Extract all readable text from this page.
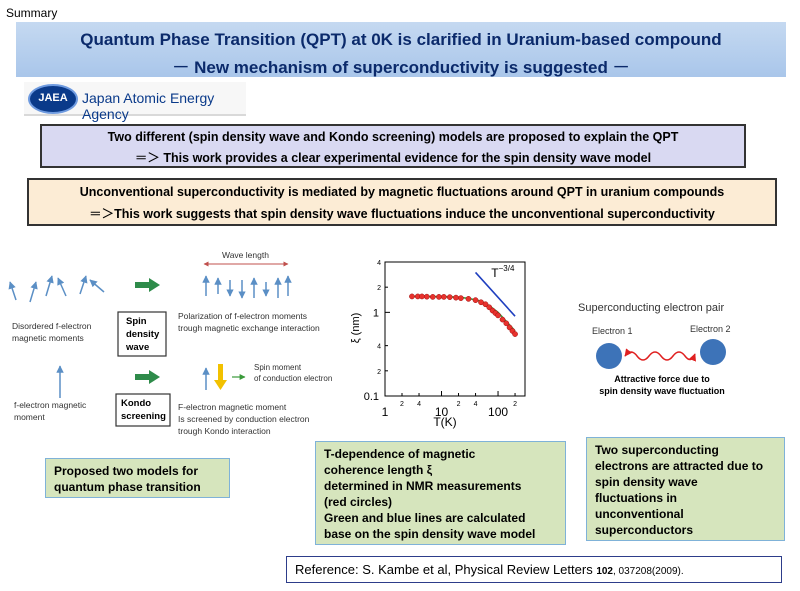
Summary
Quantum Phase Transition (QPT) at 0K is clarified in Uranium-based compound
－ New mechanism of superconductivity is suggested －
JAEA	Japan Atomic Energy Agency
Two different (spin density wave and Kondo screening) models are proposed to explain the QPT
＝＞ This work provides a clear experimental evidence for the spin density wave model
Unconventional superconductivity is mediated by magnetic fluctuations around QPT in uranium compounds
＝＞This work suggests that spin density wave fluctuations induce the unconventional superconductivity
Disordered f-electron
magnetic moments
f-electron magnetic
moment
Spin
density
wave
Kondo
screening
Wave length
Polarization of f-electron moments
trough magnetic exchange interaction
Spin moment
of conduction electron
F-electron magnetic moment
Is screened by conduction electron
trough Kondo interaction
1	10	100
2 4	2 4	2
0.1
1
2
4
2
4
$T^{-3/4}$
T(K)
ξ (nm)
Superconducting electron pair
Electron 1	Electron 2
Attractive force due to
spin density wave fluctuation
Proposed two models for
quantum phase transition
T-dependence of magnetic
coherence length ξ
determined in NMR measurements
(red circles)
Green and blue lines are calculated
base on the spin density wave model
Two superconducting
electrons are attracted due to
spin density wave
fluctuations in
unconventional
superconductors
Reference: S. Kambe et al, Physical Review Letters 102, 037208(2009).
